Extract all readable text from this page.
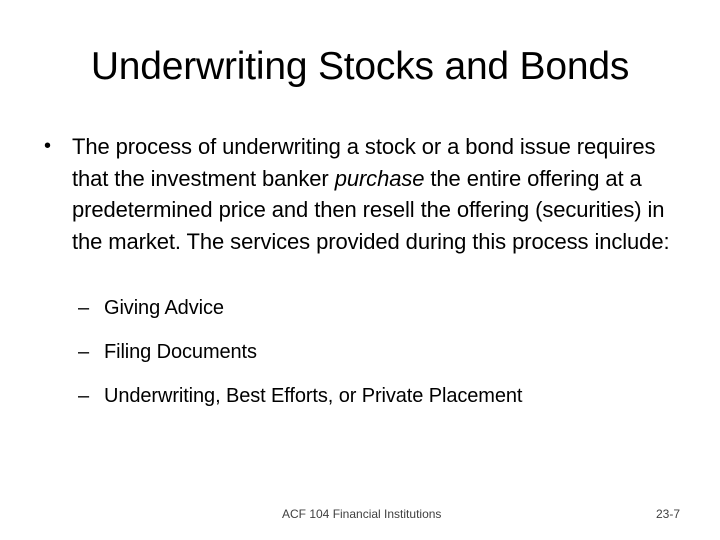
Underwriting Stocks and Bonds
• The process of underwriting a stock or a bond issue requires that the investment banker purchase the entire offering at a predetermined price and then resell the offering (securities) in the market. The services provided during this process include:
– Giving Advice
– Filing Documents
– Underwriting, Best Efforts, or Private Placement
ACF 104 Financial Institutions	23-7
